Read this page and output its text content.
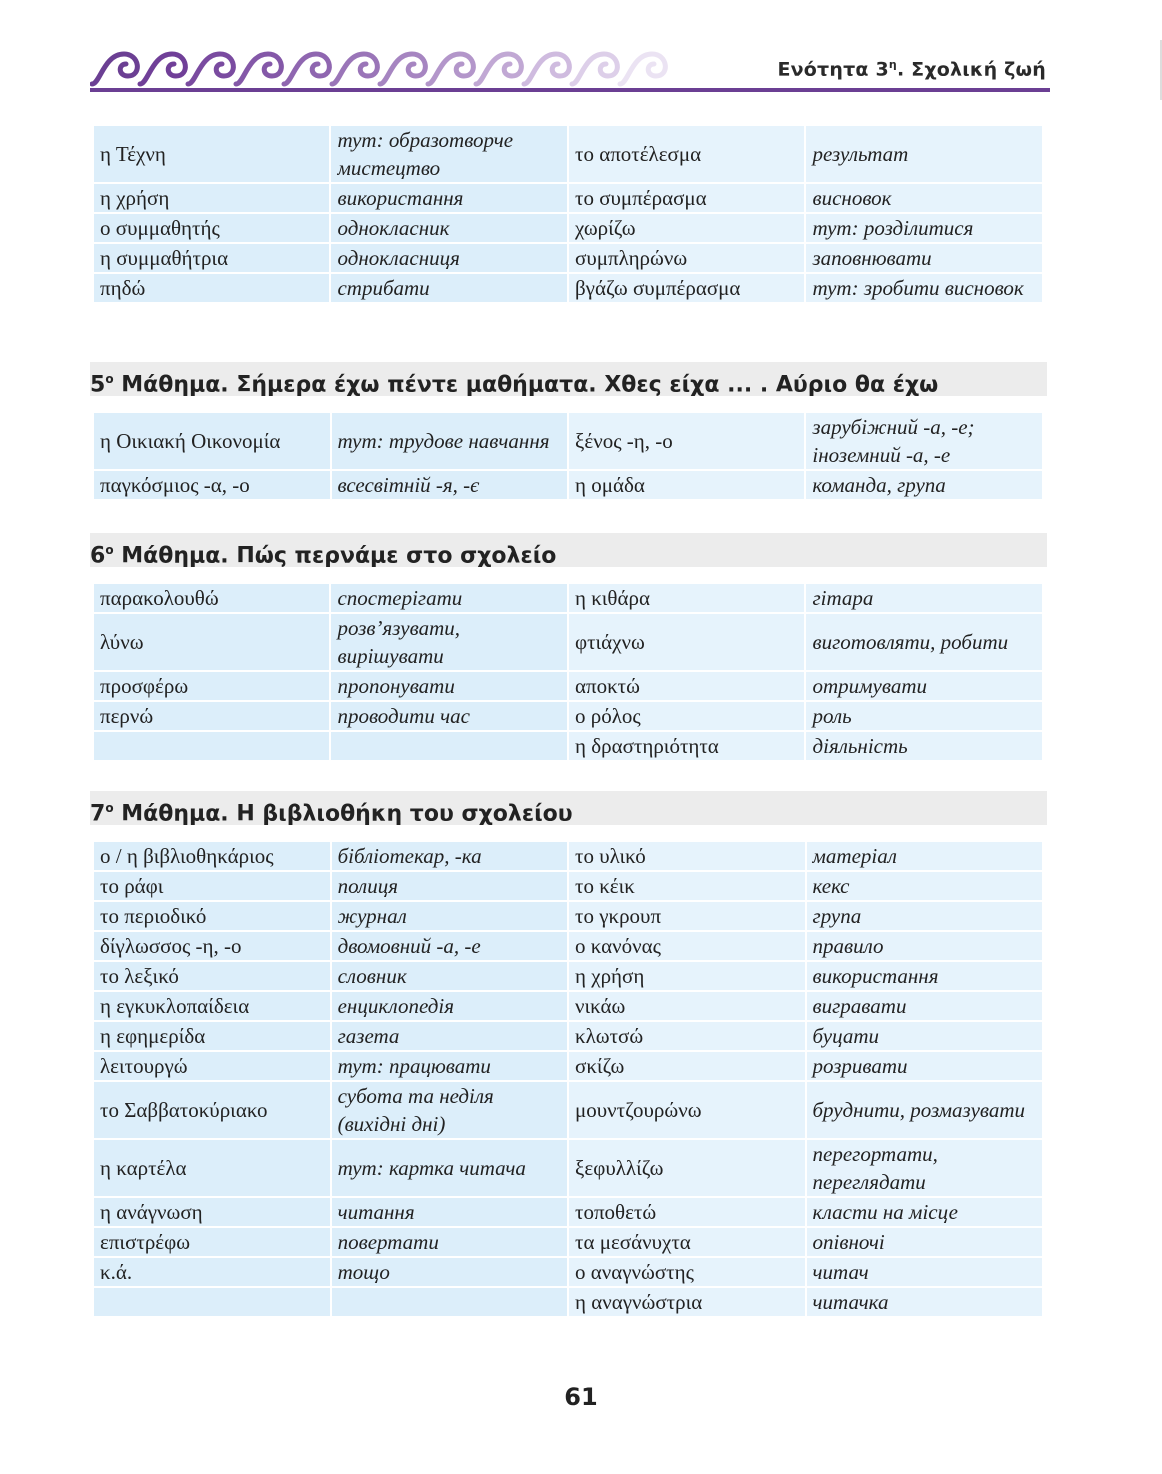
Ενότητα $3^\eta$. Σχολική ζωή
η Τέχνη	тут: образотворче мистецтво	το αποτέλεσμα	результат
η χρήση	використання	το συμπέρασμα	висновок
ο συμμαθητής	однокласник	χωρίζω	тут: розділитися
η συμμαθήτρια	однокласниця	συμπληρώνω	заповнювати
πηδώ	стрибати	βγάζω συμπέρασμα	тут: зробити висновок
$5^o$ Μάθημα. Σήμερα έχω πέντε μαθήματα. Χθες είχα ... . Αύριο θα έχω
η Οικιακή Οικονομία	тут: трудове навчання	ξένος -η, -ο	зарубіжний -а, -е; іноземний -а, -е
παγκόσμιος -α, -ο	всесвітній -я, -є	η ομάδα	команда, група
$6^o$ Μάθημα. Πώς περνάμε στο σχολείο
παρακολουθώ	спостерігати	η κιθάρα	гітара
λύνω	розв’язувати, вирішувати	φτιάχνω	виготовляти, робити
προσφέρω	пропонувати	αποκτώ	отримувати
περνώ	проводити час	ο ρόλος	роль
		η δραστηριότητα	діяльність
$7^o$ Μάθημα. Η βιβλιοθήκη του σχολείου
ο / η βιβλιοθηκάριος	бібліотекар, -ка	το υλικό	матеріал
το ράφι	полиця	το κέικ	кекс
το περιοδικό	журнал	το γκρουπ	група
δίγλωσσος -η, -ο	двомовний -а, -е	ο κανόνας	правило
το λεξικό	словник	η χρήση	використання
η εγκυκλοπαίδεια	енциклопедія	νικάω	вигравати
η εφημερίδα	газета	κλωτσώ	буцати
λειτουργώ	тут: працювати	σκίζω	розривати
το Σαββατοκύριακο	субота та неділя (вихідні дні)	μουντζουρώνω	бруднити, розмазувати
η καρτέλα	тут: картка читача	ξεφυλλίζω	перегортати, переглядати
η ανάγνωση	читання	τοποθετώ	класти на місце
επιστρέφω	повертати	τα μεσάνυχτα	опівночі
κ.ά.	тощо	ο αναγνώστης	читач
		η αναγνώστρια	читачка
61
